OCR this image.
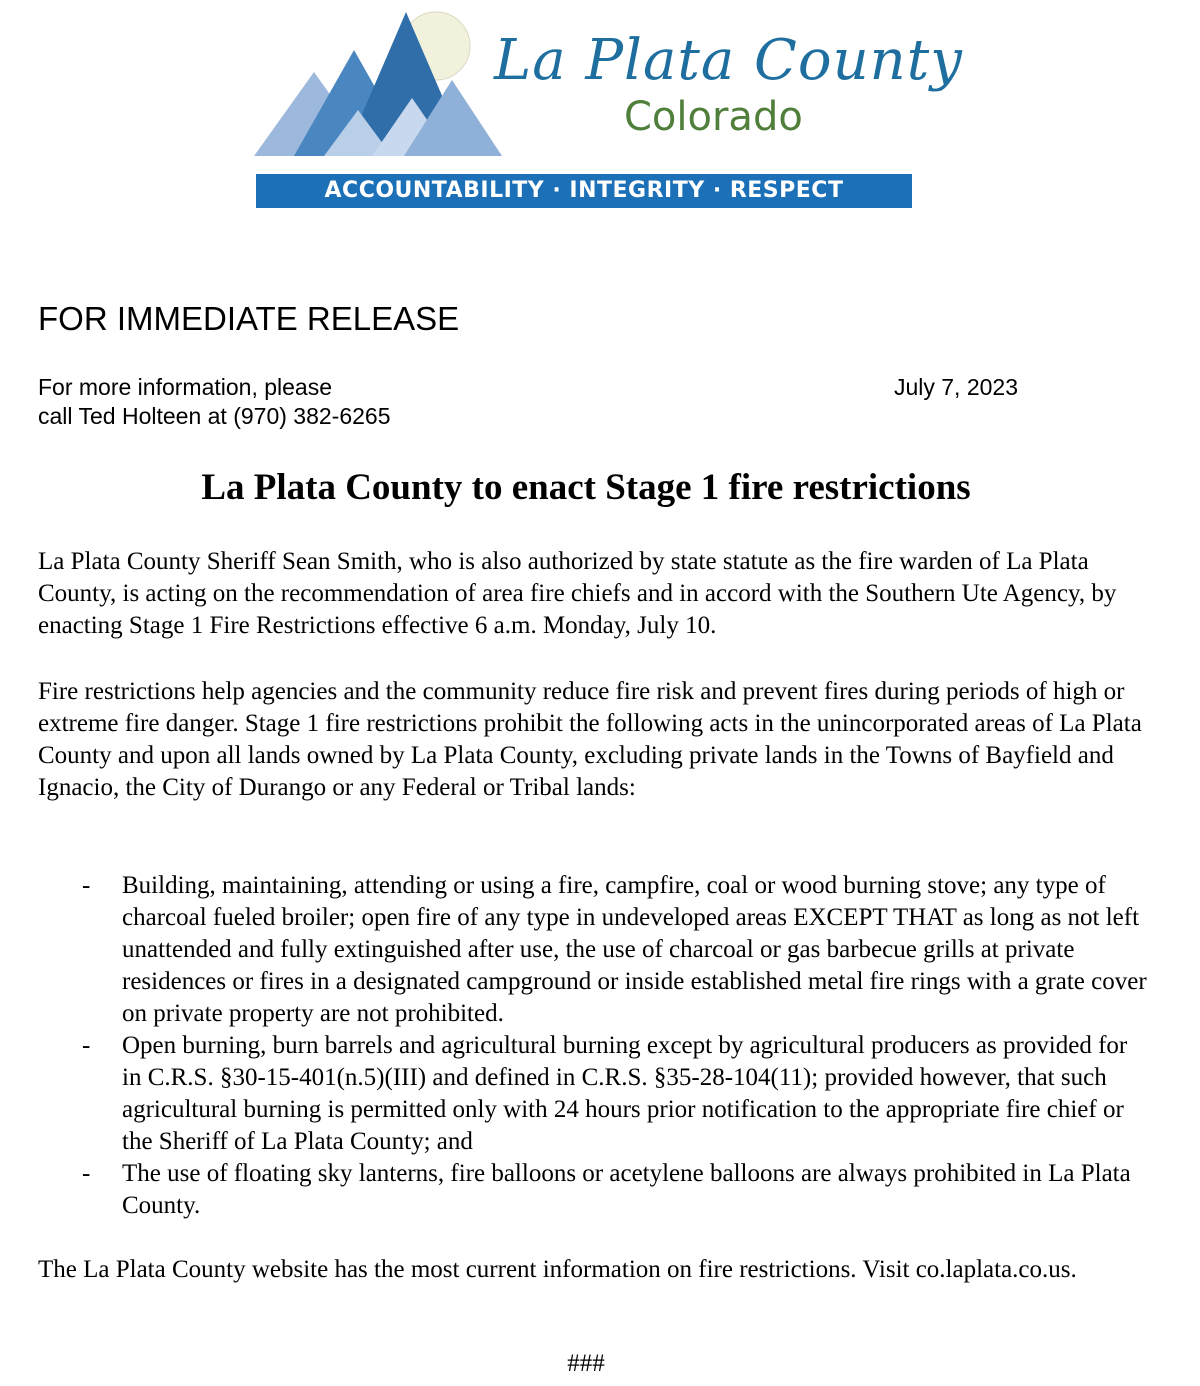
La Plata County
Colorado
ACCOUNTABILITY · INTEGRITY · RESPECT
FOR IMMEDIATE RELEASE
For more information, please
call Ted Holteen at (970) 382-6265
July 7, 2023
La Plata County to enact Stage 1 fire restrictions

La Plata County Sheriff Sean Smith, who is also authorized by state statute as the fire warden of La Plata County, is acting on the recommendation of area fire chiefs and in accord with the Southern Ute Agency, by enacting Stage 1 Fire Restrictions effective 6 a.m. Monday, July 10.

Fire restrictions help agencies and the community reduce fire risk and prevent fires during periods of high or extreme fire danger. Stage 1 fire restrictions prohibit the following acts in the unincorporated areas of La Plata County and upon all lands owned by La Plata County, excluding private lands in the Towns of Bayfield and Ignacio, the City of Durango or any Federal or Tribal lands:

- Building, maintaining, attending or using a fire, campfire, coal or wood burning stove; any type of charcoal fueled broiler; open fire of any type in undeveloped areas EXCEPT THAT as long as not left unattended and fully extinguished after use, the use of charcoal or gas barbecue grills at private residences or fires in a designated campground or inside established metal fire rings with a grate cover on private property are not prohibited.
- Open burning, burn barrels and agricultural burning except by agricultural producers as provided for in C.R.S. §30-15-401(n.5)(III) and defined in C.R.S. §35-28-104(11); provided however, that such agricultural burning is permitted only with 24 hours prior notification to the appropriate fire chief or the Sheriff of La Plata County; and
- The use of floating sky lanterns, fire balloons or acetylene balloons are always prohibited in La Plata County.

The La Plata County website has the most current information on fire restrictions. Visit co.laplata.co.us.

###
